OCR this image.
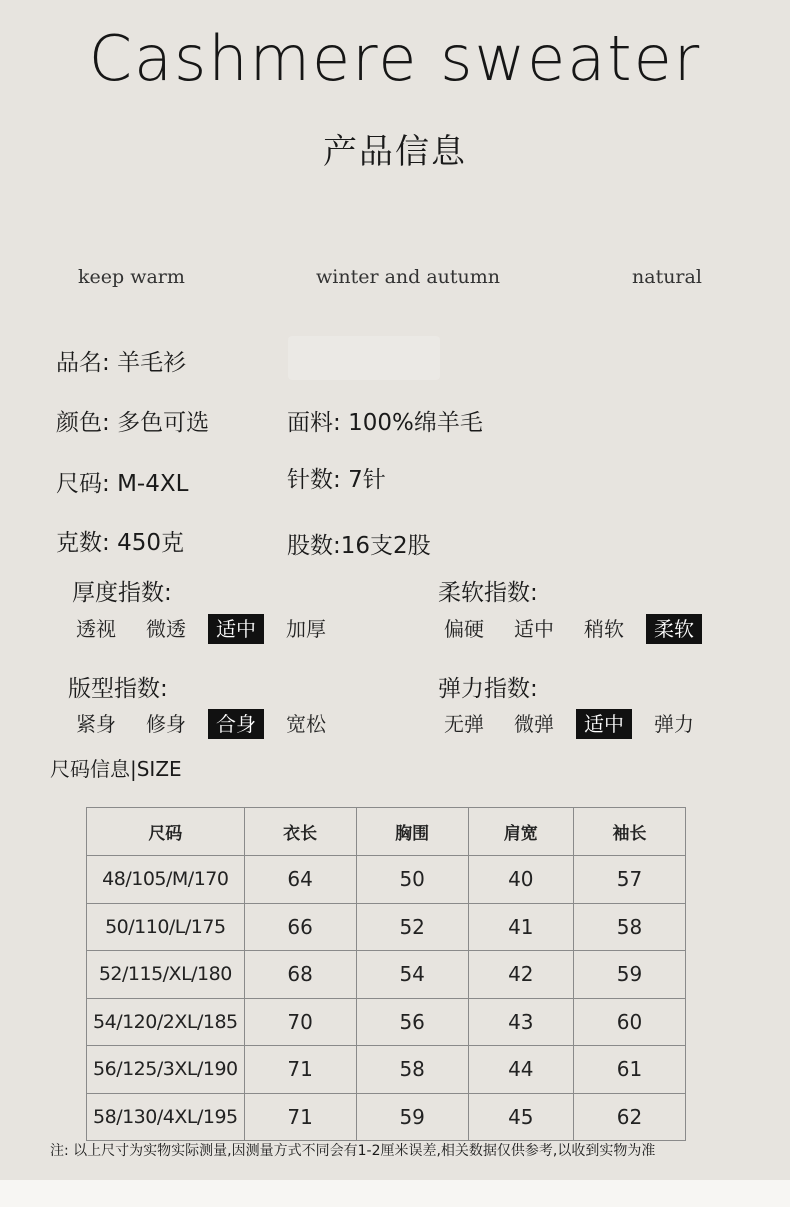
Cashmere sweater
产品信息
keep warm	winter and autumn	natural
品名 : 羊毛衫
颜色 : 多色可选	面料 : 100%绵羊毛
尺码 : M-4XL	针数 : 7针
克数 : 450克	股数:16支2股
厚度指数 :
透视	微透	适中	加厚
柔软指数 :
偏硬	适中	稍软	柔软
版型指数 :
紧身	修身	合身	宽松
弹力指数 :
无弹	微弹	适中	弹力
尺码信息|SIZE
尺码	衣长	胸围	肩宽	袖长
48/105/M/170	64	50	40	57
50/110/L/175	66	52	41	58
52/115/XL/180	68	54	42	59
54/120/2XL/185	70	56	43	60
56/125/3XL/190	71	58	44	61
58/130/4XL/195	71	59	45	62
注: 以上尺寸为实物实际测量,因测量方式不同会有1-2厘米误差,相关数据仅供参考,以收到实物为准
